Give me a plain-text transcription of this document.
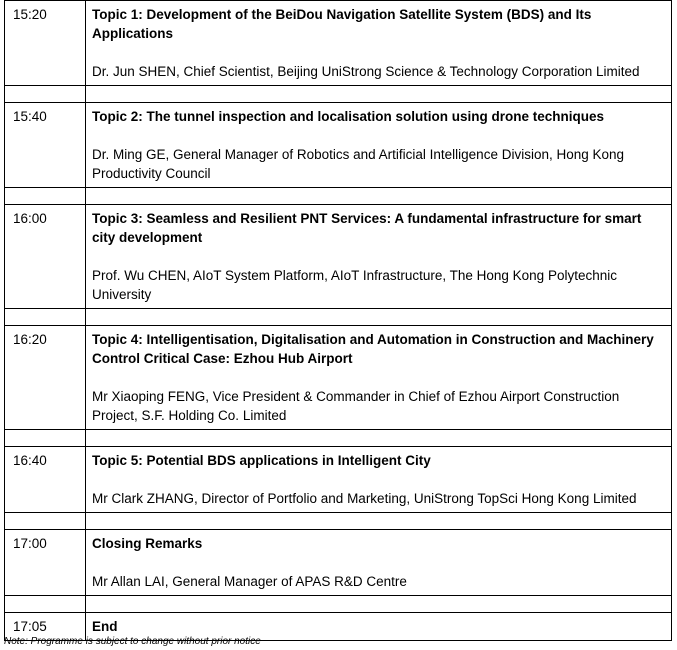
15:20	Topic 1: Development of the BeiDou Navigation Satellite System (BDS) and Its Applications
Dr. Jun SHEN, Chief Scientist, Beijing UniStrong Science & Technology Corporation Limited

15:40	Topic 2: The tunnel inspection and localisation solution using drone techniques
Dr. Ming GE, General Manager of Robotics and Artificial Intelligence Division, Hong Kong Productivity Council

16:00	Topic 3: Seamless and Resilient PNT Services: A fundamental infrastructure for smart city development
Prof. Wu CHEN, AIoT System Platform, AIoT Infrastructure, The Hong Kong Polytechnic University

16:20	Topic 4: Intelligentisation, Digitalisation and Automation in Construction and Machinery Control Critical Case: Ezhou Hub Airport
Mr Xiaoping FENG, Vice President & Commander in Chief of Ezhou Airport Construction Project, S.F. Holding Co. Limited

16:40	Topic 5: Potential BDS applications in Intelligent City
Mr Clark ZHANG, Director of Portfolio and Marketing, UniStrong TopSci Hong Kong Limited

17:00	Closing Remarks
Mr Allan LAI, General Manager of APAS R&D Centre

17:05	End
Note: Programme is subject to change without prior notice
